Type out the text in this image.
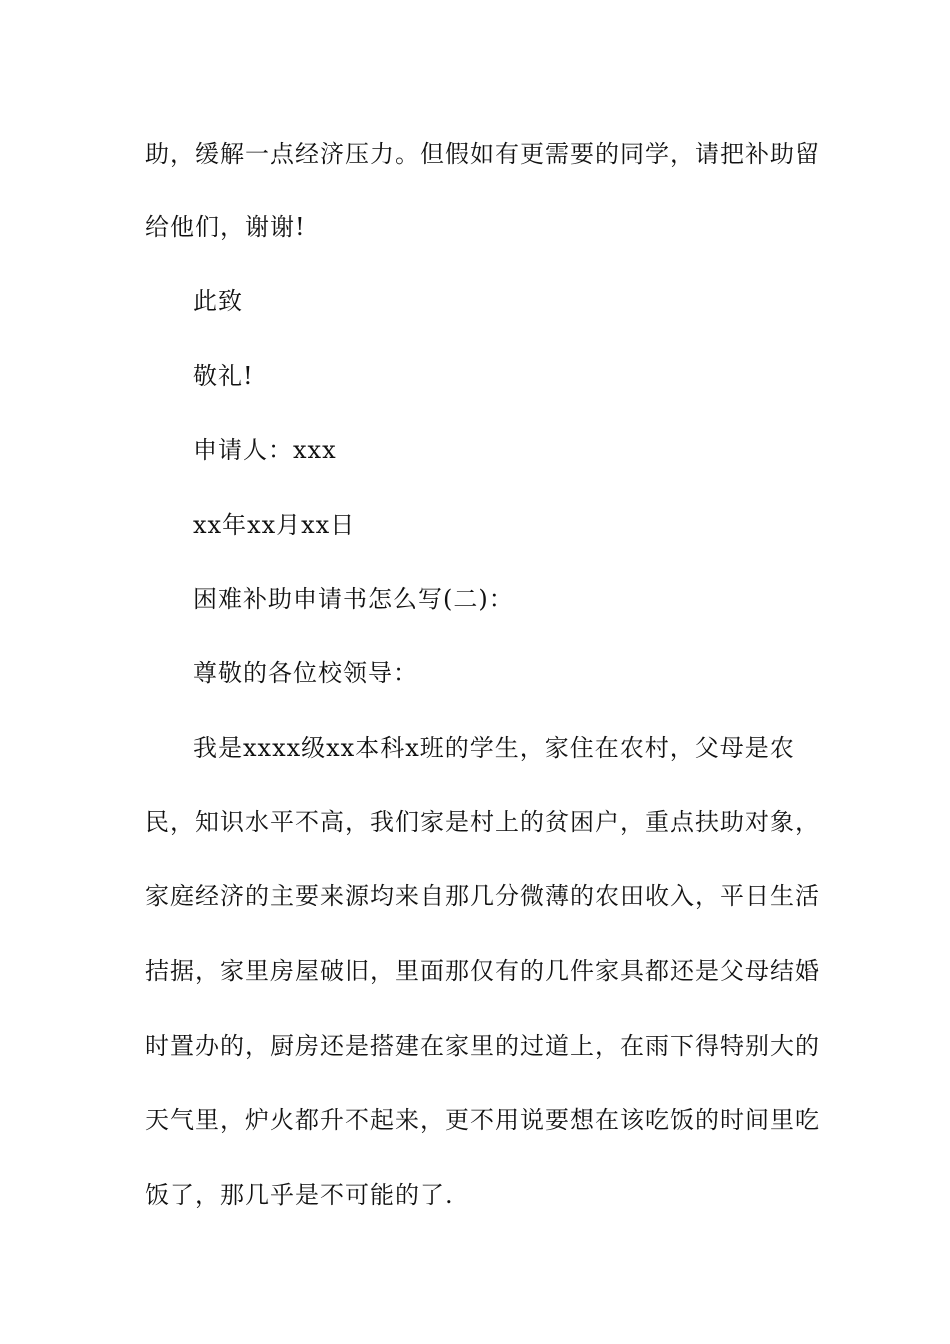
助，缓解一点经济压力。但假如有更需要的同学，请把补助留
给他们，谢谢!
此致
敬礼!
申请人：xxx
xx年xx月xx日
困难补助申请书怎么写(二)：
尊敬的各位校领导：
我是xxxx级xx本科x班的学生，家住在农村，父母是农
民，知识水平不高，我们家是村上的贫困户，重点扶助对象，
家庭经济的主要来源均来自那几分微薄的农田收入，平日生活
拮据，家里房屋破旧，里面那仅有的几件家具都还是父母结婚
时置办的，厨房还是搭建在家里的过道上，在雨下得特别大的
天气里，炉火都升不起来，更不用说要想在该吃饭的时间里吃
饭了，那几乎是不可能的了.
